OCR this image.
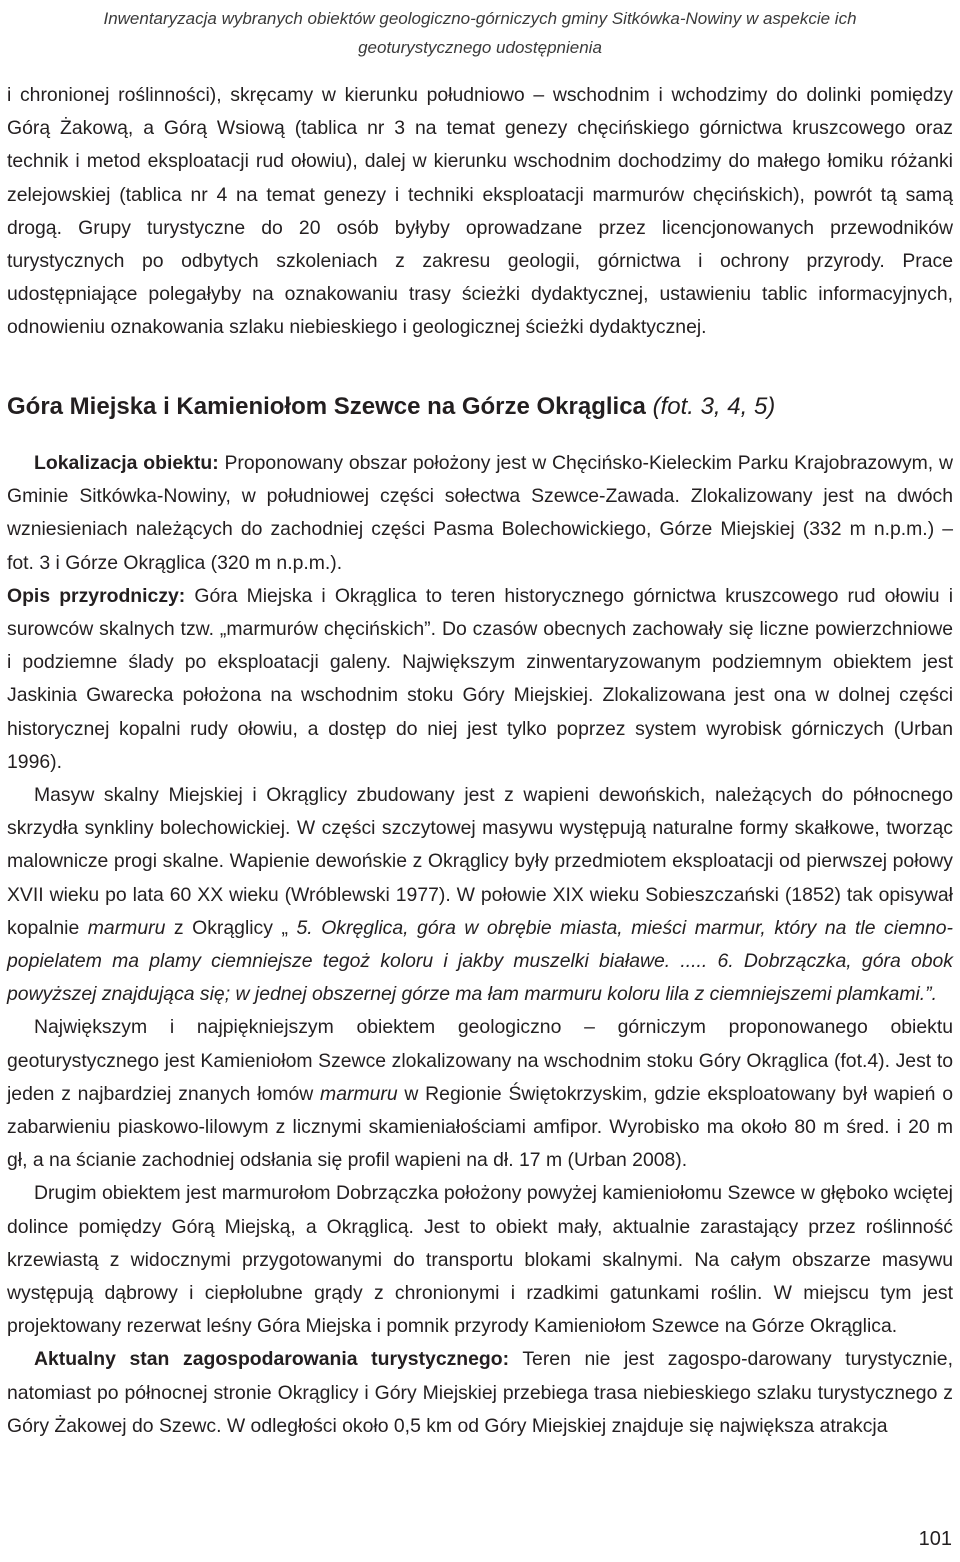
Inwentaryzacja wybranych obiektów geologiczno-górniczych gminy Sitkówka-Nowiny w aspekcie ich
geoturystycznego udostępnienia

i chronionej roślinności), skręcamy w kierunku południowo – wschodnim i wchodzimy do dolinki pomiędzy Górą Żakową, a Górą Wsiową (tablica nr 3 na temat genezy chęcińskiego górnictwa kruszcowego oraz technik i metod eksploatacji rud ołowiu), dalej w kierunku wschodnim dochodzimy do małego łomiku różanki zelejowskiej (tablica nr 4 na temat genezy i techniki eksploatacji marmurów chęcińskich), powrót tą samą drogą. Grupy turystyczne do 20 osób byłyby oprowadzane przez licencjonowanych przewodników turystycznych po odbytych szkoleniach z zakresu geologii, górnictwa i ochrony przyrody. Prace udostępniające polegałyby na oznakowaniu trasy ścieżki dydaktycznej, ustawieniu tablic informacyjnych, odnowieniu oznakowania szlaku niebieskiego i geologicznej ścieżki dydaktycznej.

Góra Miejska i Kamieniołom Szewce na Górze Okrąglica (fot. 3, 4, 5)

Lokalizacja obiektu: Proponowany obszar położony jest w Chęcińsko-Kieleckim Parku Krajobrazowym, w Gminie Sitkówka-Nowiny, w południowej części sołectwa Szewce-Zawada. Zlokalizowany jest na dwóch wzniesieniach należących do zachodniej części Pasma Bolechowickiego, Górze Miejskiej (332 m n.p.m.) – fot. 3 i Górze Okrąglica (320 m n.p.m.).

Opis przyrodniczy: Góra Miejska i Okrąglica to teren historycznego górnictwa kruszcowego rud ołowiu i surowców skalnych tzw. „marmurów chęcińskich”. Do czasów obecnych zachowały się liczne powierzchniowe i podziemne ślady po eksploatacji galeny. Największym zinwentaryzowanym podziemnym obiektem jest Jaskinia Gwarecka położona na wschodnim stoku Góry Miejskiej. Zlokalizowana jest ona w dolnej części historycznej kopalni rudy ołowiu, a dostęp do niej jest tylko poprzez system wyrobisk górniczych (Urban 1996).

Masyw skalny Miejskiej i Okrąglicy zbudowany jest z wapieni dewońskich, należących do północnego skrzydła synkliny bolechowickiej. W części szczytowej masywu występują naturalne formy skałkowe, tworząc malownicze progi skalne. Wapienie dewońskie z Okrąglicy były przedmiotem eksploatacji od pierwszej połowy XVII wieku po lata 60 XX wieku (Wróblewski 1977). W połowie XIX wieku Sobieszczański (1852) tak opisywał kopalnie marmuru z Okrąglicy „ 5. Okręglica, góra w obrębie miasta, mieści marmur, który na tle ciemno-popielatem ma plamy ciemniejsze tegoż koloru i jakby muszelki białawe. ..... 6. Dobrzączka, góra obok powyższej znajdująca się; w jednej obszernej górze ma łam marmuru koloru lila z ciemniejszemi plamkami.”.

Największym i najpiękniejszym obiektem geologiczno – górniczym proponowanego obiektu geoturystycznego jest Kamieniołom Szewce zlokalizowany na wschodnim stoku Góry Okrąglica (fot.4). Jest to jeden z najbardziej znanych łomów marmuru w Regionie Świętokrzyskim, gdzie eksploatowany był wapień o zabarwieniu piaskowo-lilowym z licznymi skamieniałościami amfipor. Wyrobisko ma około 80 m śred. i 20 m gł, a na ścianie zachodniej odsłania się profil wapieni na dł. 17 m (Urban 2008).

Drugim obiektem jest marmurołom Dobrzączka położony powyżej kamieniołomu Szewce w głęboko wciętej dolince pomiędzy Górą Miejską, a Okrąglicą. Jest to obiekt mały, aktualnie zarastający przez roślinność krzewiastą z widocznymi przygotowanymi do transportu blokami skalnymi. Na całym obszarze masywu występują dąbrowy i ciepłolubne grądy z chronionymi i rzadkimi gatunkami roślin. W miejscu tym jest projektowany rezerwat leśny Góra Miejska i pomnik przyrody Kamieniołom Szewce na Górze Okrąglica.

Aktualny stan zagospodarowania turystycznego: Teren nie jest zagospo-darowany turystycznie, natomiast po północnej stronie Okrąglicy i Góry Miejskiej przebiega trasa niebieskiego szlaku turystycznego z Góry Żakowej do Szewc. W odległości około 0,5 km od Góry Miejskiej znajduje się największa atrakcja

101
